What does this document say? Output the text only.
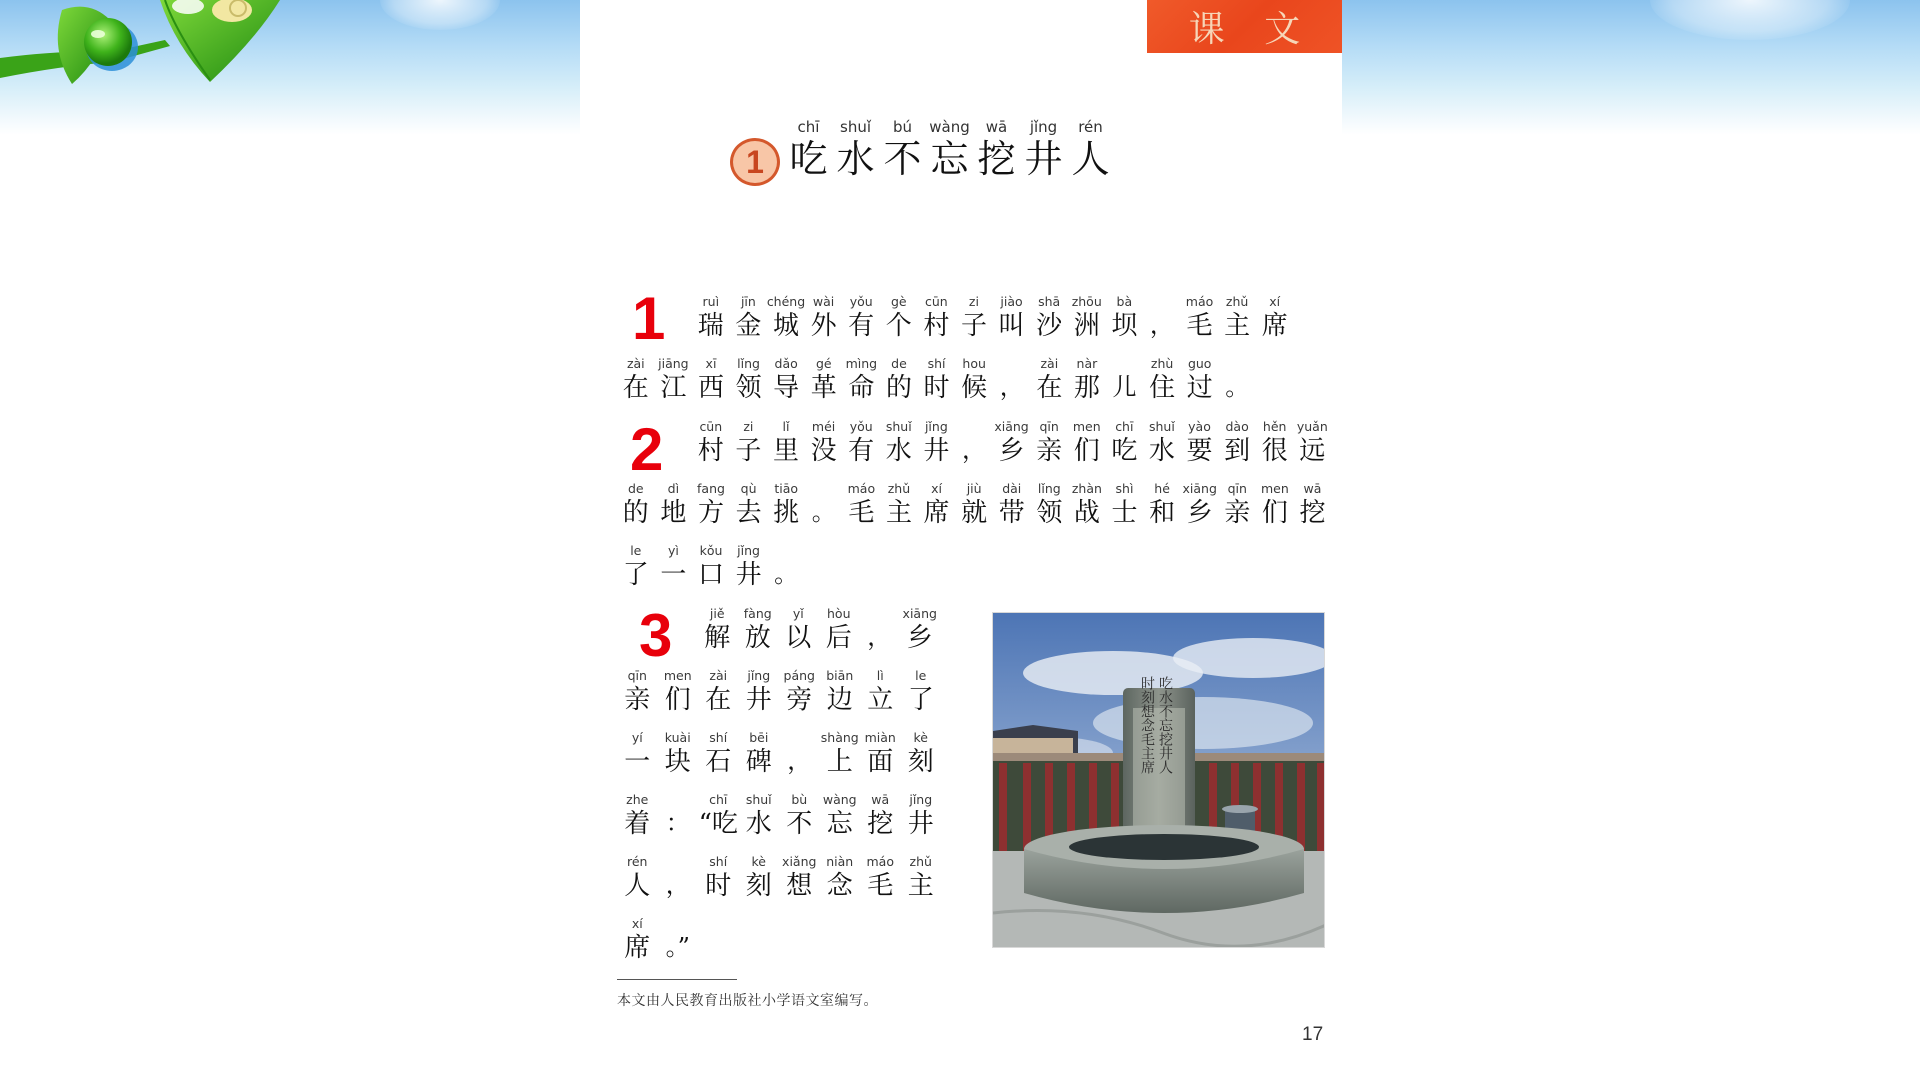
课 文
1
chī
吃
shuǐ
水
bú
不
wàng
忘
wā
挖
jǐng
井
rén
人
1
2
3
ruì
瑞
jīn
金
chéng
城
wài
外
yǒu
有
gè
个
cūn
村
zi
子
jiào
叫
shā
沙
zhōu
洲
bà
坝 ，
máo
毛
zhǔ
主
xí
席
zài
在
jiāng
江
xī
西
lǐng
领
dǎo
导
gé
革
mìng
命
de
的
shí
时
hou
候 ，
zài
在
nàr
那 儿
zhù
住
guo
过 。
cūn
村
zi
子
lǐ
里
méi
没
yǒu
有
shuǐ
水
jǐng
井 ，
xiāng
乡
qīn
亲
men
们
chī
吃
shuǐ
水
yào
要
dào
到
hěn
很
yuǎn
远
de
的
dì
地
fang
方
qù
去
tiāo
挑 。
máo
毛
zhǔ
主
xí
席
jiù
就
dài
带
lǐng
领
zhàn
战
shì
士
hé
和
xiāng
乡
qīn
亲
men
们
wā
挖
le
了
yì
一
kǒu
口
jǐng
井 。
jiě
解
fàng
放
yǐ
以
hòu
后 ，
xiāng
乡
qīn
亲
men
们
zài
在
jǐng
井
páng
旁
biān
边
lì
立
le
了
yí
一
kuài
块
shí
石
bēi
碑 ，
shàng
上
miàn
面
kè
刻
zhe
着 ：
chī
“吃
shuǐ
水
bù
不
wàng
忘
wā
挖
jǐng
井
rén
人 ，
shí
时
kè
刻
xiǎng
想
niàn
念
máo
毛
zhǔ
主
xí
席 。”
吃水不忘挖井人
时刻想念毛主席
本文由人民教育出版社小学语文室编写。
17
